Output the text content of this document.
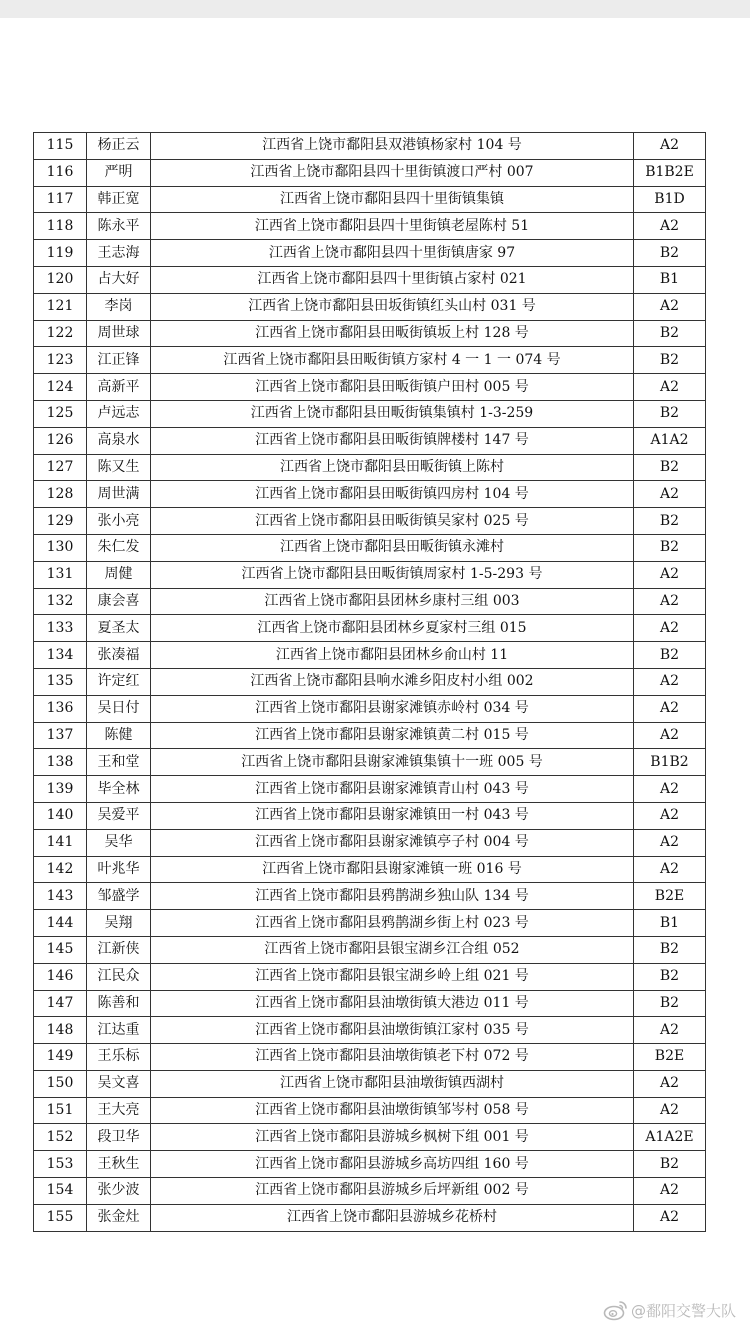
115	杨正云	江西省上饶市鄱阳县双港镇杨家村 104 号	A2
116	严明	江西省上饶市鄱阳县四十里街镇渡口严村 007	B1B2E
117	韩正宽	江西省上饶市鄱阳县四十里街镇集镇	B1D
118	陈永平	江西省上饶市鄱阳县四十里街镇老屋陈村 51	A2
119	王志海	江西省上饶市鄱阳县四十里街镇唐家 97	B2
120	占大好	江西省上饶市鄱阳县四十里街镇占家村 021	B1
121	李岗	江西省上饶市鄱阳县田坂街镇红头山村 031 号	A2
122	周世球	江西省上饶市鄱阳县田畈街镇坂上村 128 号	B2
123	江正锋	江西省上饶市鄱阳县田畈街镇方家村 4 一 1 一 074 号	B2
124	高新平	江西省上饶市鄱阳县田畈街镇户田村 005 号	A2
125	卢远志	江西省上饶市鄱阳县田畈街镇集镇村 1-3-259	B2
126	高泉水	江西省上饶市鄱阳县田畈街镇牌楼村 147 号	A1A2
127	陈又生	江西省上饶市鄱阳县田畈街镇上陈村	B2
128	周世满	江西省上饶市鄱阳县田畈街镇四房村 104 号	A2
129	张小亮	江西省上饶市鄱阳县田畈街镇吴家村 025 号	B2
130	朱仁发	江西省上饶市鄱阳县田畈街镇永滩村	B2
131	周健	江西省上饶市鄱阳县田畈街镇周家村 1-5-293 号	A2
132	康会喜	江西省上饶市鄱阳县团林乡康村三组 003	A2
133	夏圣太	江西省上饶市鄱阳县团林乡夏家村三组 015	A2
134	张凑福	江西省上饶市鄱阳县团林乡俞山村 11	B2
135	许定红	江西省上饶市鄱阳县响水滩乡阳皮村小组 002	A2
136	吴日付	江西省上饶市鄱阳县谢家滩镇赤岭村 034 号	A2
137	陈健	江西省上饶市鄱阳县谢家滩镇黄二村 015 号	A2
138	王和堂	江西省上饶市鄱阳县谢家滩镇集镇十一班 005 号	B1B2
139	毕全林	江西省上饶市鄱阳县谢家滩镇青山村 043 号	A2
140	吴爱平	江西省上饶市鄱阳县谢家滩镇田一村 043 号	A2
141	吴华	江西省上饶市鄱阳县谢家滩镇亭子村 004 号	A2
142	叶兆华	江西省上饶市鄱阳县谢家滩镇一班 016 号	A2
143	邹盛学	江西省上饶市鄱阳县鸦鹊湖乡独山队 134 号	B2E
144	吴翔	江西省上饶市鄱阳县鸦鹊湖乡街上村 023 号	B1
145	江新侠	江西省上饶市鄱阳县银宝湖乡江合组 052	B2
146	江民众	江西省上饶市鄱阳县银宝湖乡岭上组 021 号	B2
147	陈善和	江西省上饶市鄱阳县油墩街镇大港边 011 号	B2
148	江达重	江西省上饶市鄱阳县油墩街镇江家村 035 号	A2
149	王乐标	江西省上饶市鄱阳县油墩街镇老下村 072 号	B2E
150	吴文喜	江西省上饶市鄱阳县油墩街镇西湖村	A2
151	王大亮	江西省上饶市鄱阳县油墩街镇邹岑村 058 号	A2
152	段卫华	江西省上饶市鄱阳县游城乡枫树下组 001 号	A1A2E
153	王秋生	江西省上饶市鄱阳县游城乡高坊四组 160 号	B2
154	张少波	江西省上饶市鄱阳县游城乡后坪新组 002 号	A2
155	张金灶	江西省上饶市鄱阳县游城乡花桥村	A2
@鄱阳交警大队
